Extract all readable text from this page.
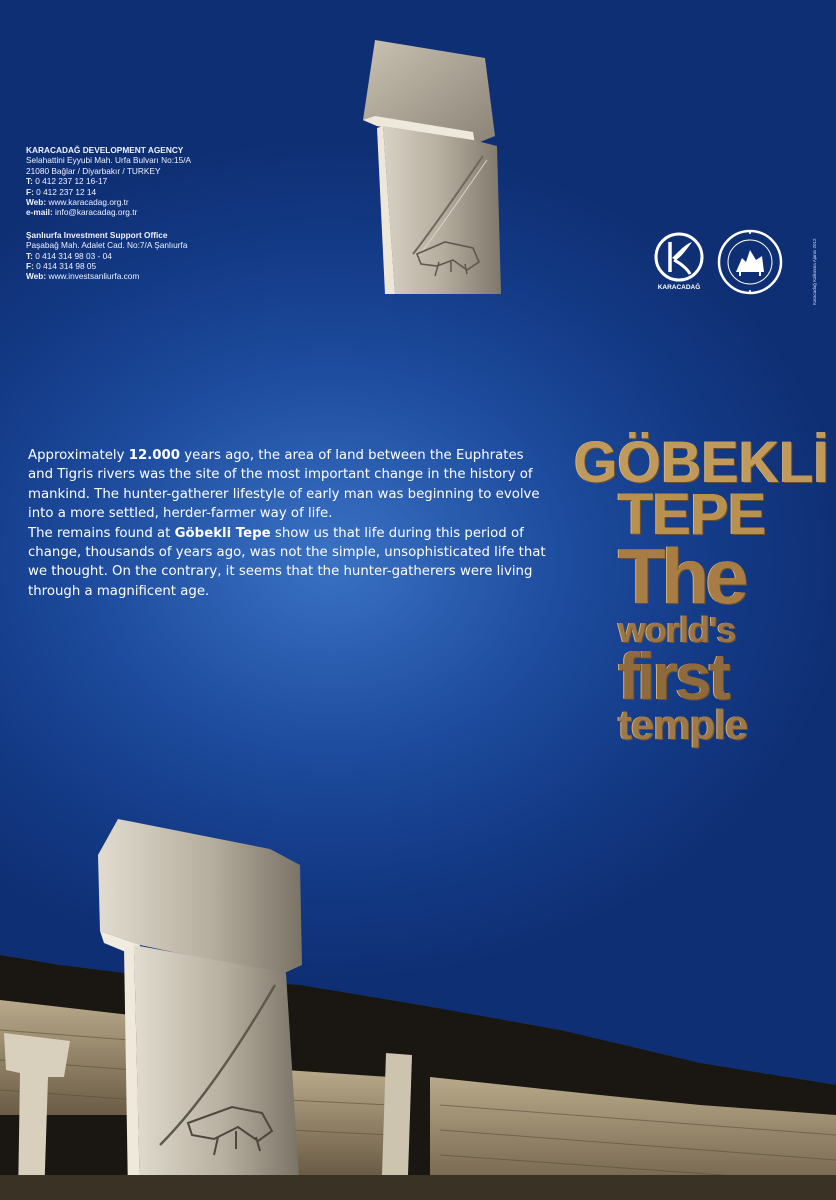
KARACADAĞ DEVELOPMENT AGENCY
Selahattini Eyyubi Mah. Urfa Bulvarı No:15/A
21080 Bağlar / Diyarbakır / TURKEY
T: 0 412 237 12 16-17
F: 0 412 237 12 14
Web: www.karacadag.org.tr
e-mail: info@karacadag.org.tr
Şanlıurfa Investment Support Office
Paşabağ Mah. Adalet Cad. No:7/A Şanlıurfa
T: 0 414 314 98 03 - 04
F: 0 414 314 98 05
Web: www.investsanliurfa.com
KARACADAĞ	Karacadağ Kalkınma Ajansı 2012
Approximately 12.000 years ago, the area of land between the Euphrates and Tigris rivers was the site of the most important change in the history of mankind. The hunter-gatherer lifestyle of early man was beginning to evolve into a more settled, herder-farmer way of life.
The remains found at Göbekli Tepe show us that life during this period of change, thousands of years ago, was not the simple, unsophisticated life that we thought. On the contrary, it seems that the hunter-gatherers were living through a magnificent age.
GÖBEKLİ
TEPE
The
world's
first
temple
